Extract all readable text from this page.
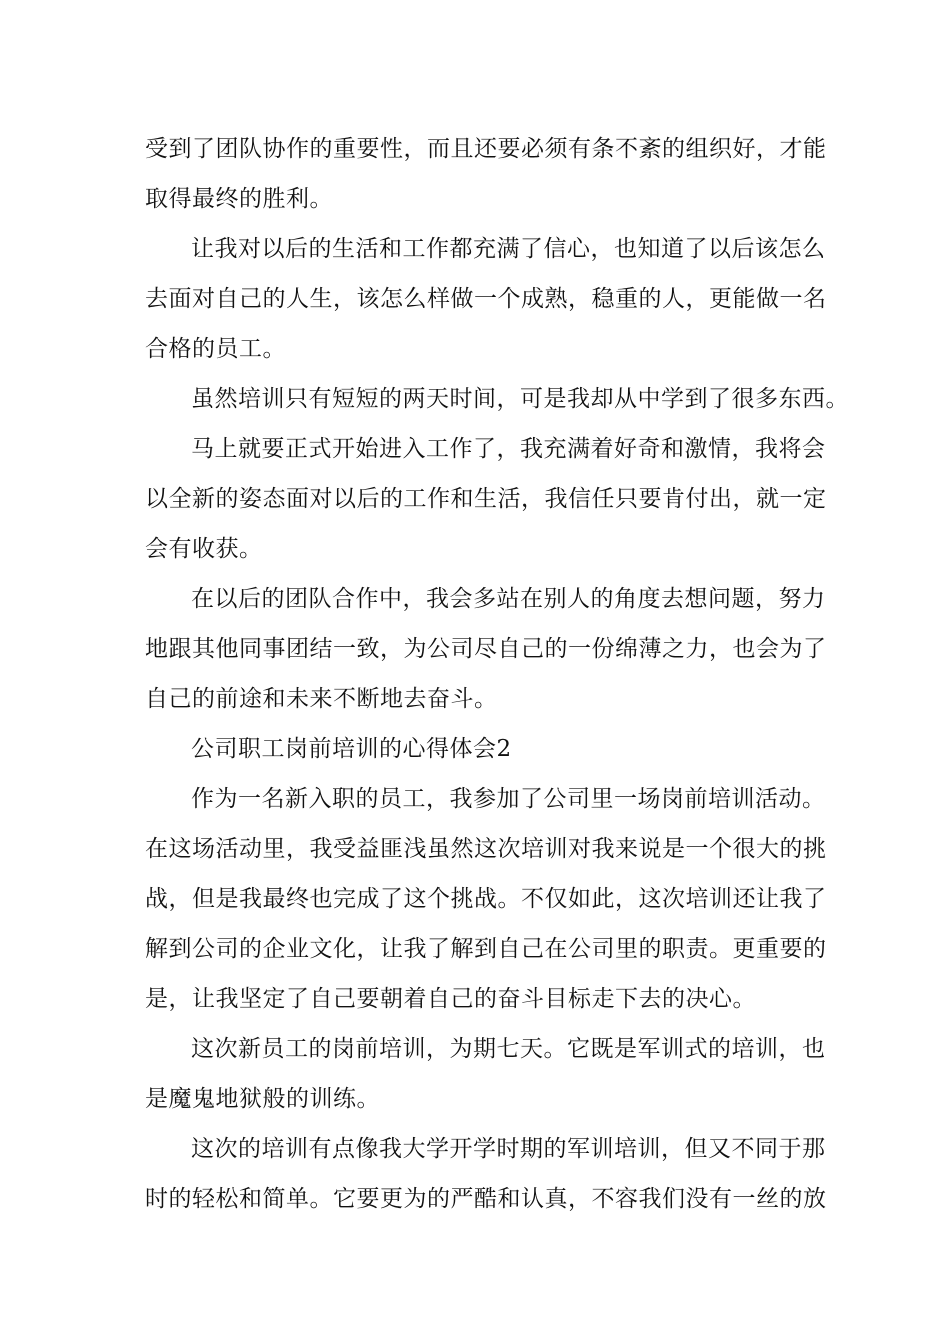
受到了团队协作的重要性，而且还要必须有条不紊的组织好，才能
取得最终的胜利。
让我对以后的生活和工作都充满了信心，也知道了以后该怎么
去面对自己的人生，该怎么样做一个成熟，稳重的人，更能做一名
合格的员工。
虽然培训只有短短的两天时间，可是我却从中学到了很多东西。
马上就要正式开始进入工作了，我充满着好奇和激情，我将会
以全新的姿态面对以后的工作和生活，我信任只要肯付出，就一定
会有收获。
在以后的团队合作中，我会多站在别人的角度去想问题，努力
地跟其他同事团结一致，为公司尽自己的一份绵薄之力，也会为了
自己的前途和未来不断地去奋斗。
公司职工岗前培训的心得体会2
作为一名新入职的员工，我参加了公司里一场岗前培训活动。
在这场活动里，我受益匪浅虽然这次培训对我来说是一个很大的挑
战，但是我最终也完成了这个挑战。不仅如此，这次培训还让我了
解到公司的企业文化，让我了解到自己在公司里的职责。更重要的
是，让我坚定了自己要朝着自己的奋斗目标走下去的决心。
这次新员工的岗前培训，为期七天。它既是军训式的培训，也
是魔鬼地狱般的训练。
这次的培训有点像我大学开学时期的军训培训，但又不同于那
时的轻松和简单。它要更为的严酷和认真，不容我们没有一丝的放
